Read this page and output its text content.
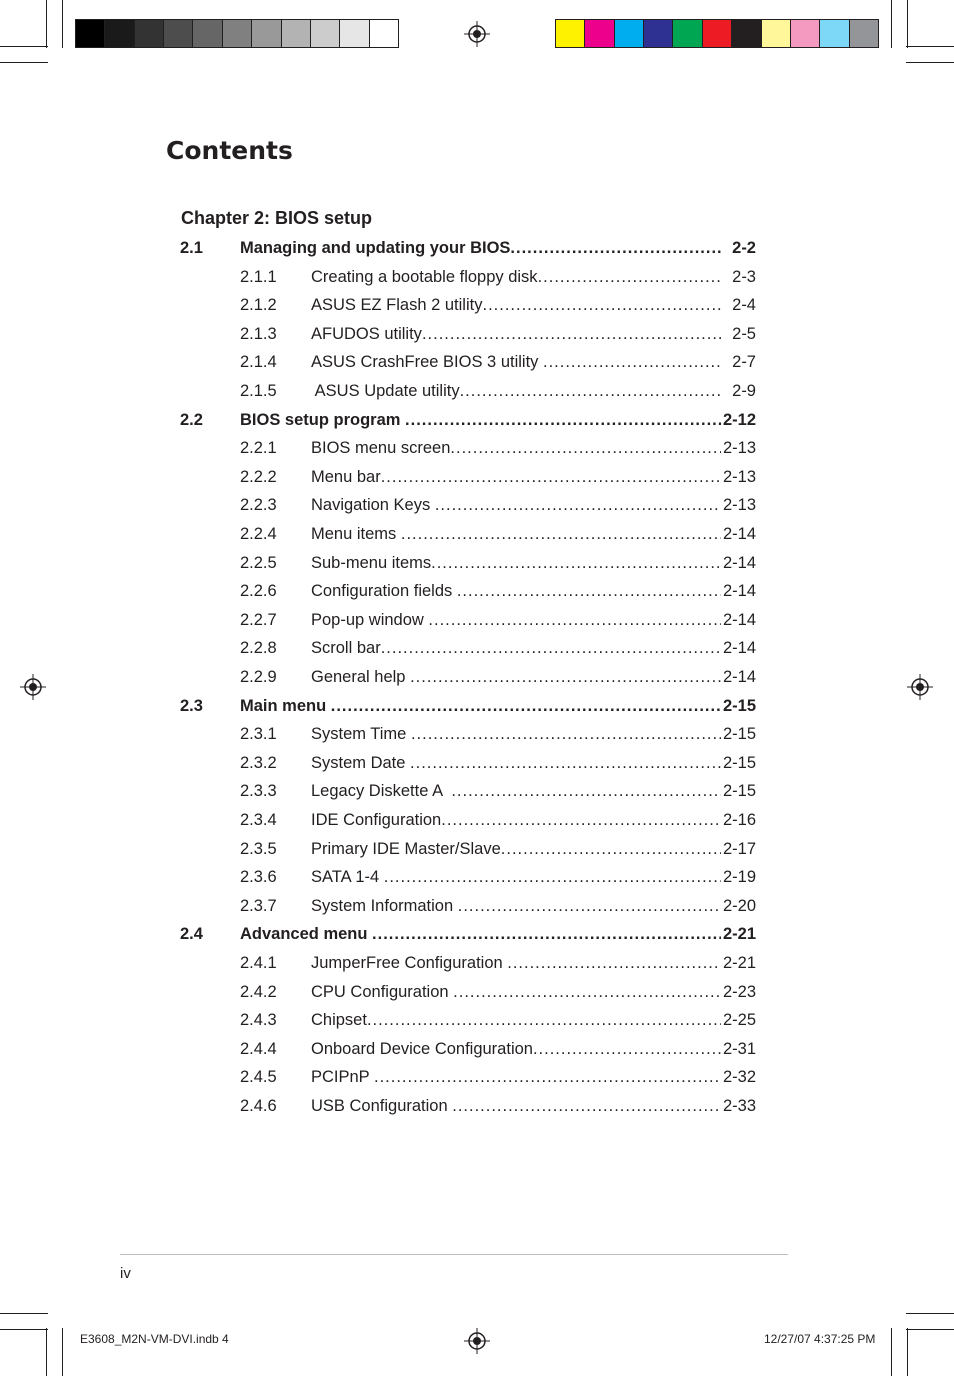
Contents
Chapter 2: BIOS setup
2.1 Managing and updating your BIOS .....	2-2
2.1.1 Creating a bootable floppy disk .....	2-3
2.1.2 ASUS EZ Flash 2 utility .....	2-4
2.1.3 AFUDOS utility .....	2-5
2.1.4 ASUS CrashFree BIOS 3 utility .....	2-7
2.1.5 ASUS Update utility .....	2-9
2.2 BIOS setup program .....	2-12
2.2.1 BIOS menu screen .....	2-13
2.2.2 Menu bar .....	2-13
2.2.3 Navigation Keys .....	2-13
2.2.4 Menu items .....	2-14
2.2.5 Sub-menu items .....	2-14
2.2.6 Configuration fields .....	2-14
2.2.7 Pop-up window .....	2-14
2.2.8 Scroll bar .....	2-14
2.2.9 General help .....	2-14
2.3 Main menu .....	2-15
2.3.1 System Time .....	2-15
2.3.2 System Date .....	2-15
2.3.3 Legacy Diskette A .....	2-15
2.3.4 IDE Configuration .....	2-16
2.3.5 Primary IDE Master/Slave .....	2-17
2.3.6 SATA 1-4 .....	2-19
2.3.7 System Information .....	2-20
2.4 Advanced menu .....	2-21
2.4.1 JumperFree Configuration .....	2-21
2.4.2 CPU Configuration .....	2-23
2.4.3 Chipset .....	2-25
2.4.4 Onboard Device Configuration .....	2-31
2.4.5 PCIPnP .....	2-32
2.4.6 USB Configuration .....	2-33
iv
E3608_M2N-VM-DVI.indb 4	12/27/07 4:37:25 PM
